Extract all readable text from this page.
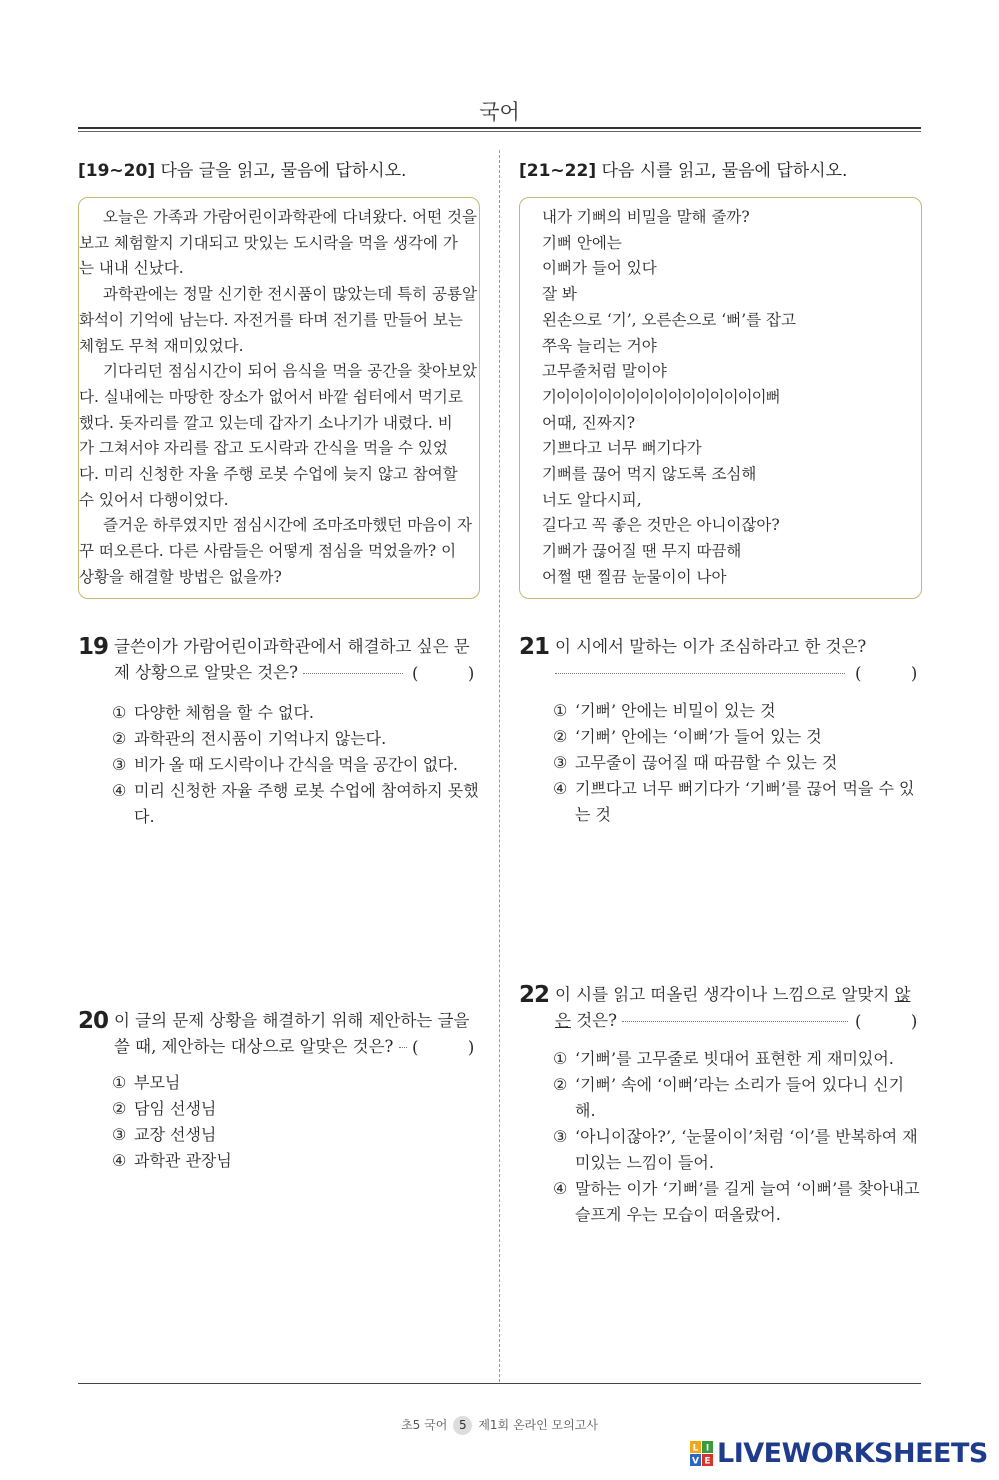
국어
[19~20] 다음 글을 읽고, 물음에 답하시오.

오늘은 가족과 가람어린이과학관에 다녀왔다. 어떤 것을
보고 체험할지 기대되고 맛있는 도시락을 먹을 생각에 가
는 내내 신났다.

과학관에는 정말 신기한 전시품이 많았는데 특히 공룡알
화석이 기억에 남는다. 자전거를 타며 전기를 만들어 보는
체험도 무척 재미있었다.

기다리던 점심시간이 되어 음식을 먹을 공간을 찾아보았
다. 실내에는 마땅한 장소가 없어서 바깥 쉼터에서 먹기로
했다. 돗자리를 깔고 있는데 갑자기 소나기가 내렸다. 비
가 그쳐서야 자리를 잡고 도시락과 간식을 먹을 수 있었
다. 미리 신청한 자율 주행 로봇 수업에 늦지 않고 참여할
수 있어서 다행이었다.

즐거운 하루였지만 점심시간에 조마조마했던 마음이 자
꾸 떠오른다. 다른 사람들은 어떻게 점심을 먹었을까? 이
상황을 해결할 방법은 없을까?

19 글쓴이가 가람어린이과학관에서 해결하고 싶은 문
제 상황으로 알맞은 것은?	(　　　)
① 다양한 체험을 할 수 없다.
② 과학관의 전시품이 기억나지 않는다.
③ 비가 올 때 도시락이나 간식을 먹을 공간이 없다.
④ 미리 신청한 자율 주행 로봇 수업에 참여하지 못했다.
20 이 글의 문제 상황을 해결하기 위해 제안하는 글을
쓸 때, 제안하는 대상으로 알맞은 것은?	(　　　)
① 부모님
② 담임 선생님
③ 교장 선생님
④ 과학관 관장님
[21~22] 다음 시를 읽고, 물음에 답하시오.
내가 기뻐의 비밀을 말해 줄까?
기뻐 안에는
이뻐가 들어 있다
잘 봐
왼손으로 ‘기’, 오른손으로 ‘뻐’를 잡고
쭈욱 늘리는 거야
고무줄처럼 말이야
기이이이이이이이이이이이이이이이뻐
어때, 진짜지?
기쁘다고 너무 뻐기다가
기뻐를 끊어 먹지 않도록 조심해
너도 알다시피,
길다고 꼭 좋은 것만은 아니이잖아?
기뻐가 끊어질 땐 무지 따끔해
어쩔 땐 찔끔 눈물이이 나아
21 이 시에서 말하는 이가 조심하라고 한 것은?
(　　　)
① ‘기뻐’ 안에는 비밀이 있는 것
② ‘기뻐’ 안에는 ‘이뻐’가 들어 있는 것
③ 고무줄이 끊어질 때 따끔할 수 있는 것
④ 기쁘다고 너무 뻐기다가 ‘기뻐’를 끊어 먹을 수 있는 것
22 이 시를 읽고 떠올린 생각이나 느낌으로 알맞지 않
은 것은?	(　　　)
① ‘기뻐’를 고무줄로 빗대어 표현한 게 재미있어.
② ‘기뻐’ 속에 ‘이뻐’라는 소리가 들어 있다니 신기해.
③ ‘아니이잖아?’, ‘눈물이이’처럼 ‘이’를 반복하여 재미있는 느낌이 들어.
④ 말하는 이가 ‘기뻐’를 길게 늘여 ‘이뻐’를 찾아내고 슬프게 우는 모습이 떠올랐어.
초5 국어 5 제1회 온라인 모의고사
L I
V E LIVEWORKSHEETS
